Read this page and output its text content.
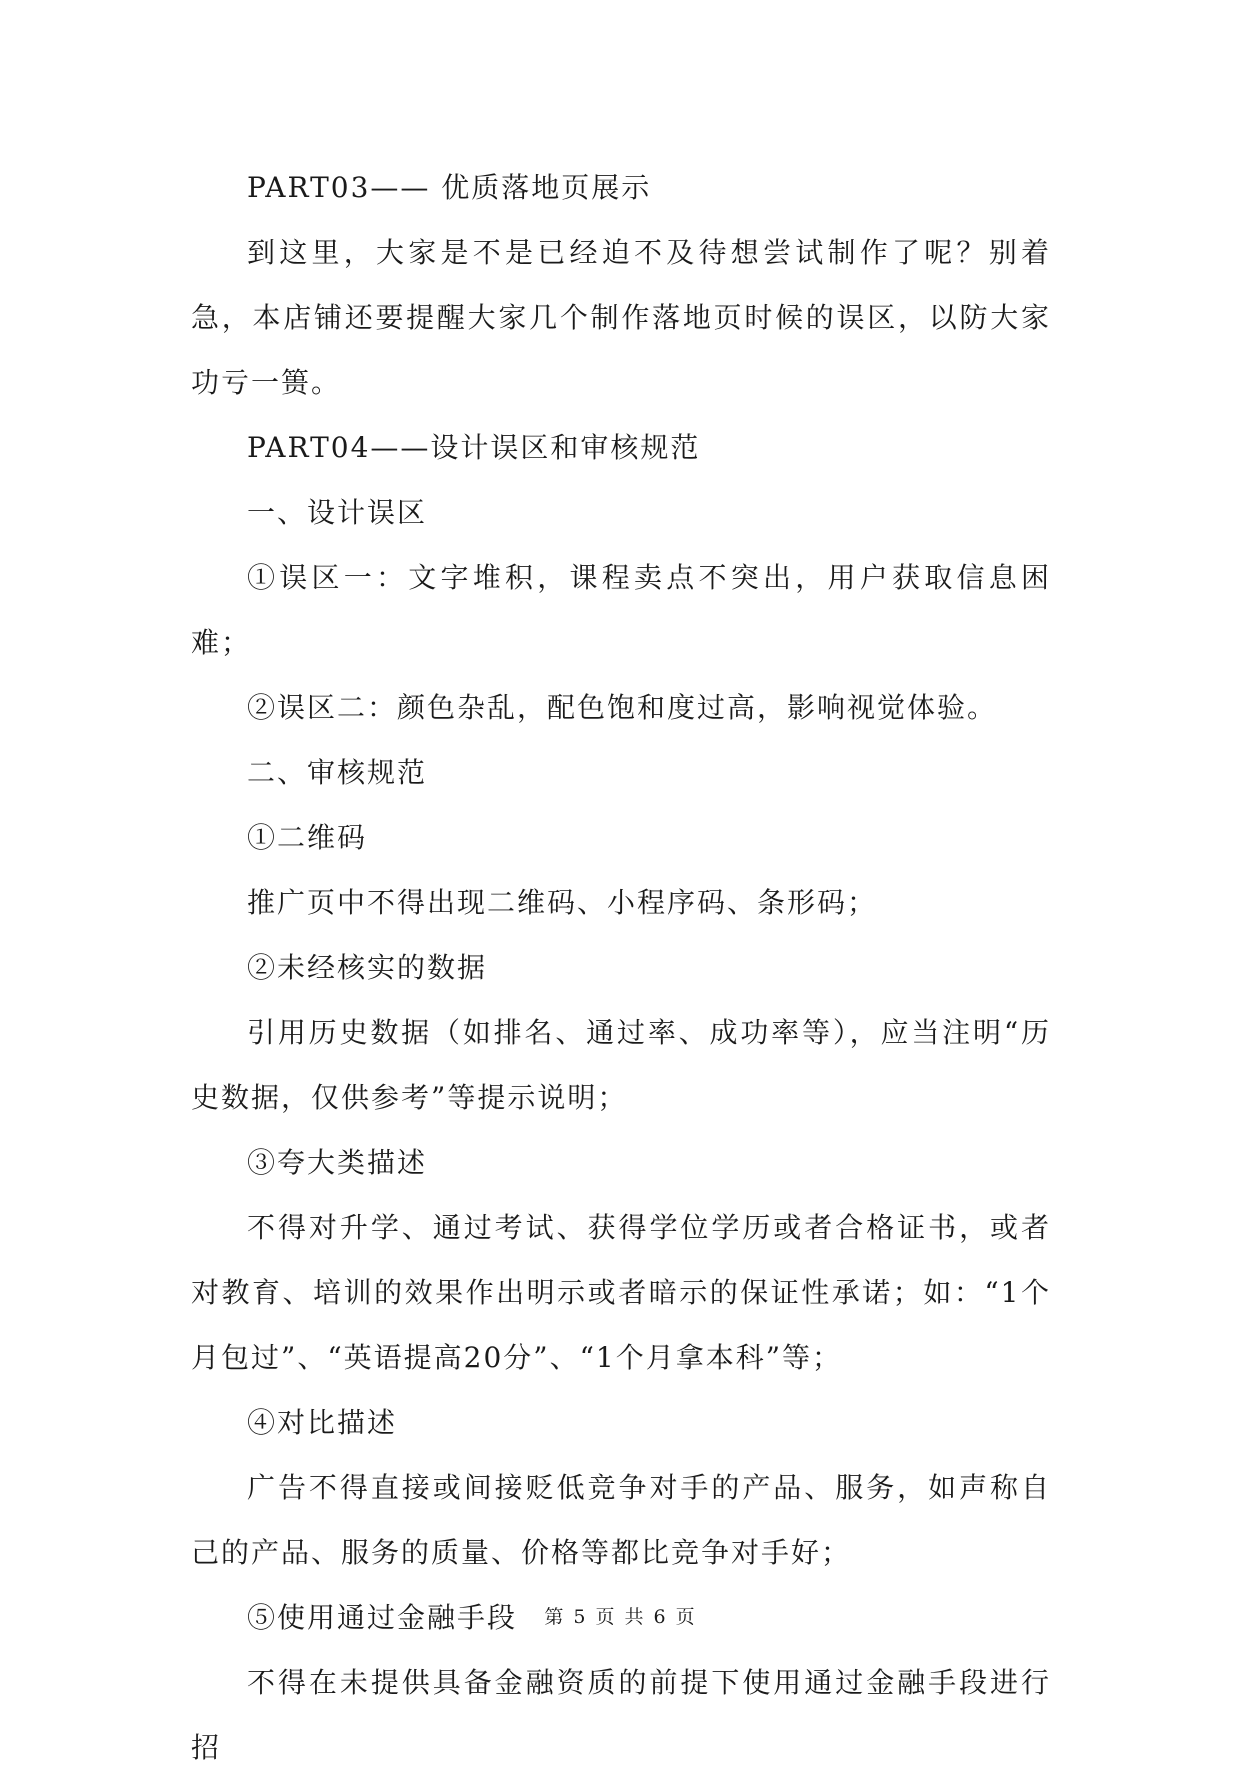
PART03—— 优质落地页展示

到这里，大家是不是已经迫不及待想尝试制作了呢？别着急，本店铺还要提醒大家几个制作落地页时候的误区，以防大家功亏一篑。

PART04——设计误区和审核规范

一、设计误区

①误区一：文字堆积，课程卖点不突出，用户获取信息困难；

②误区二：颜色杂乱，配色饱和度过高，影响视觉体验。

二、审核规范

①二维码

推广页中不得出现二维码、小程序码、条形码；

②未经核实的数据

引用历史数据（如排名、通过率、成功率等），应当注明“历史数据，仅供参考”等提示说明；

③夸大类描述

不得对升学、通过考试、获得学位学历或者合格证书，或者对教育、培训的效果作出明示或者暗示的保证性承诺；如：“1个月包过”、“英语提高20分”、“1个月拿本科”等；

④对比描述

广告不得直接或间接贬低竞争对手的产品、服务，如声称自己的产品、服务的质量、价格等都比竞争对手好；

⑤使用通过金融手段

不得在未提供具备金融资质的前提下使用通过金融手段进行招

第 5 页 共 6 页
